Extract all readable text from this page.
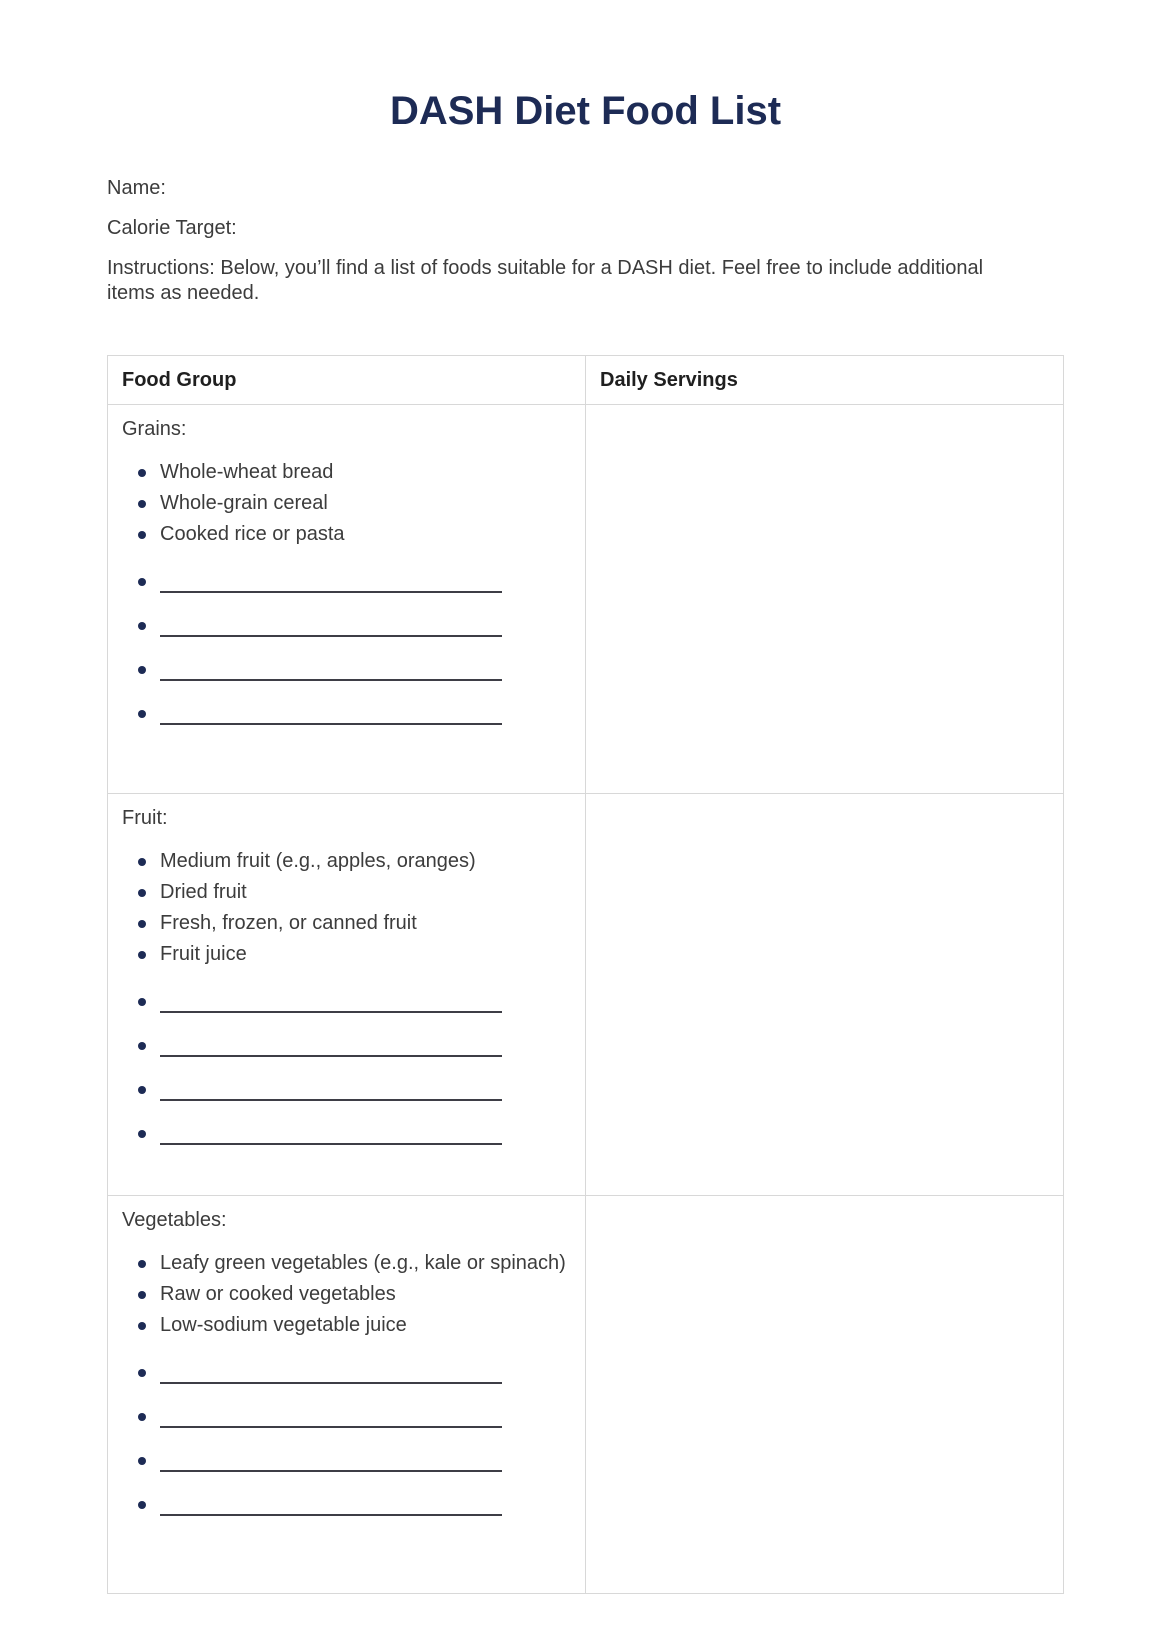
DASH Diet Food List

Name:

Calorie Target:

Instructions: Below, you’ll find a list of foods suitable for a DASH diet. Feel free to include additional items as needed.

Food Group	Daily Servings

Grains:

Whole-wheat bread
Whole-grain cereal
Cooked rice or pasta

Fruit:

Medium fruit (e.g., apples, oranges)
Dried fruit
Fresh, frozen, or canned fruit
Fruit juice

Vegetables:

Leafy green vegetables (e.g., kale or spinach)
Raw or cooked vegetables
Low-sodium vegetable juice
